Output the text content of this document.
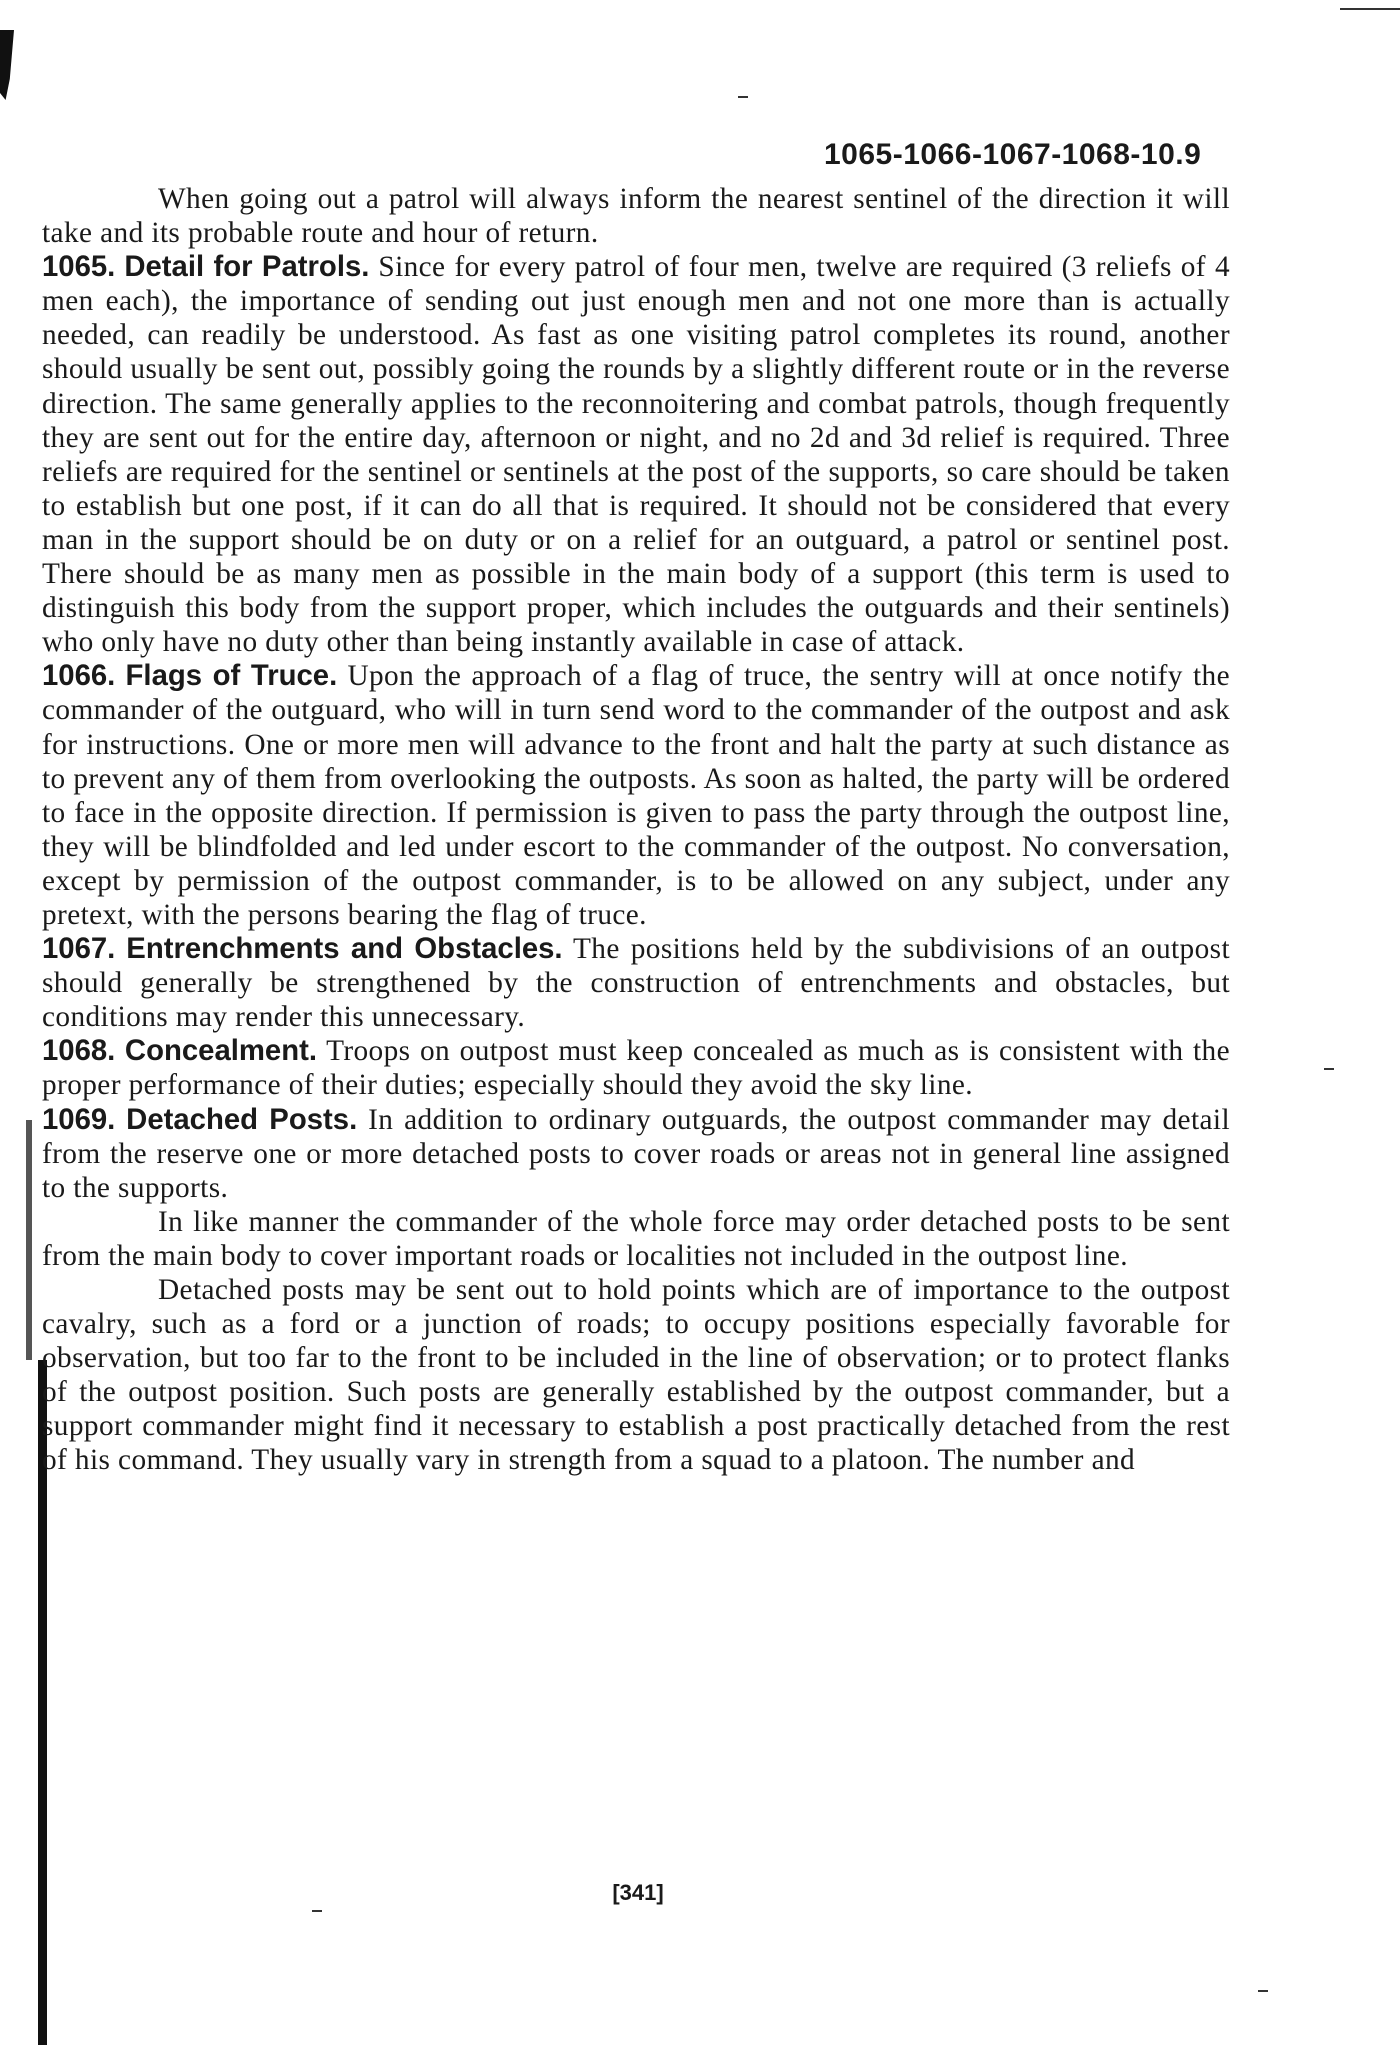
1065-1066-1067-1068-10.9

When going out a patrol will always inform the nearest sentinel of the direction it will take and its probable route and hour of return.

1065. Detail for Patrols. Since for every patrol of four men, twelve are required (3 reliefs of 4 men each), the importance of sending out just enough men and not one more than is actually needed, can readily be understood. As fast as one visiting patrol completes its round, another should usually be sent out, possibly going the rounds by a slightly different route or in the reverse direction. The same generally applies to the reconnoitering and combat patrols, though frequently they are sent out for the entire day, afternoon or night, and no 2d and 3d relief is required. Three reliefs are required for the sentinel or sentinels at the post of the supports, so care should be taken to establish but one post, if it can do all that is required. It should not be considered that every man in the support should be on duty or on a relief for an outguard, a patrol or sentinel post. There should be as many men as possible in the main body of a support (this term is used to distinguish this body from the support proper, which includes the outguards and their sentinels) who only have no duty other than being instantly available in case of attack.

1066. Flags of Truce. Upon the approach of a flag of truce, the sentry will at once notify the commander of the outguard, who will in turn send word to the commander of the outpost and ask for instructions. One or more men will advance to the front and halt the party at such distance as to prevent any of them from overlooking the outposts. As soon as halted, the party will be ordered to face in the opposite direction. If permission is given to pass the party through the outpost line, they will be blindfolded and led under escort to the commander of the outpost. No conversation, except by permission of the outpost commander, is to be allowed on any subject, under any pretext, with the persons bearing the flag of truce.

1067. Entrenchments and Obstacles. The positions held by the subdivisions of an outpost should generally be strengthened by the construction of entrenchments and obstacles, but conditions may render this unnecessary.

1068. Concealment. Troops on outpost must keep concealed as much as is consistent with the proper performance of their duties; especially should they avoid the sky line.

1069. Detached Posts. In addition to ordinary outguards, the outpost commander may detail from the reserve one or more detached posts to cover roads or areas not in general line assigned to the supports.

In like manner the commander of the whole force may order detached posts to be sent from the main body to cover important roads or localities not included in the outpost line.

Detached posts may be sent out to hold points which are of importance to the outpost cavalry, such as a ford or a junction of roads; to occupy positions especially favorable for observation, but too far to the front to be included in the line of observation; or to protect flanks of the outpost position. Such posts are generally established by the outpost commander, but a support commander might find it necessary to establish a post practically detached from the rest of his command. They usually vary in strength from a squad to a platoon. The number and

[341]
